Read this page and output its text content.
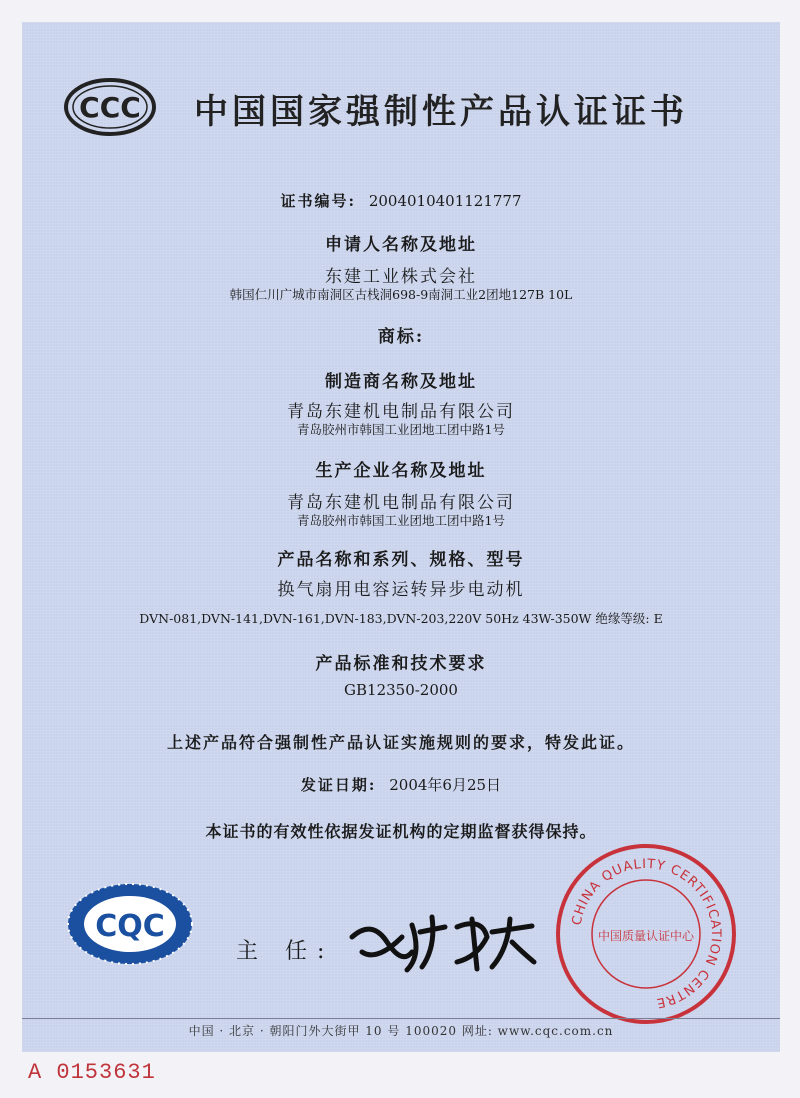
CCC 中国国家强制性产品认证证书
证书编号: 2004010401121777
申请人名称及地址
东建工业株式会社
韩国仁川广城市南洞区古栈洞698-9南洞工业2团地127B 10L
商标:
制造商名称及地址
青岛东建机电制品有限公司
青岛胶州市韩国工业团地工团中路1号
生产企业名称及地址
青岛东建机电制品有限公司
青岛胶州市韩国工业团地工团中路1号
产品名称和系列、规格、型号
换气扇用电容运转异步电动机
DVN-081,DVN-141,DVN-161,DVN-183,DVN-203,220V 50Hz 43W-350W 绝缘等级: E
产品标准和技术要求
GB12350-2000
上述产品符合强制性产品认证实施规则的要求，特发此证。
发证日期: 2004年6月25日
本证书的有效性依据发证机构的定期监督获得保持。
CQC
主 任:
CHINA QUALITY CERTIFICATION CENTRE
中国质量认证中心
中国 · 北京 · 朝阳门外大街甲 10 号 100020 网址: www.cqc.com.cn
A 0153631
